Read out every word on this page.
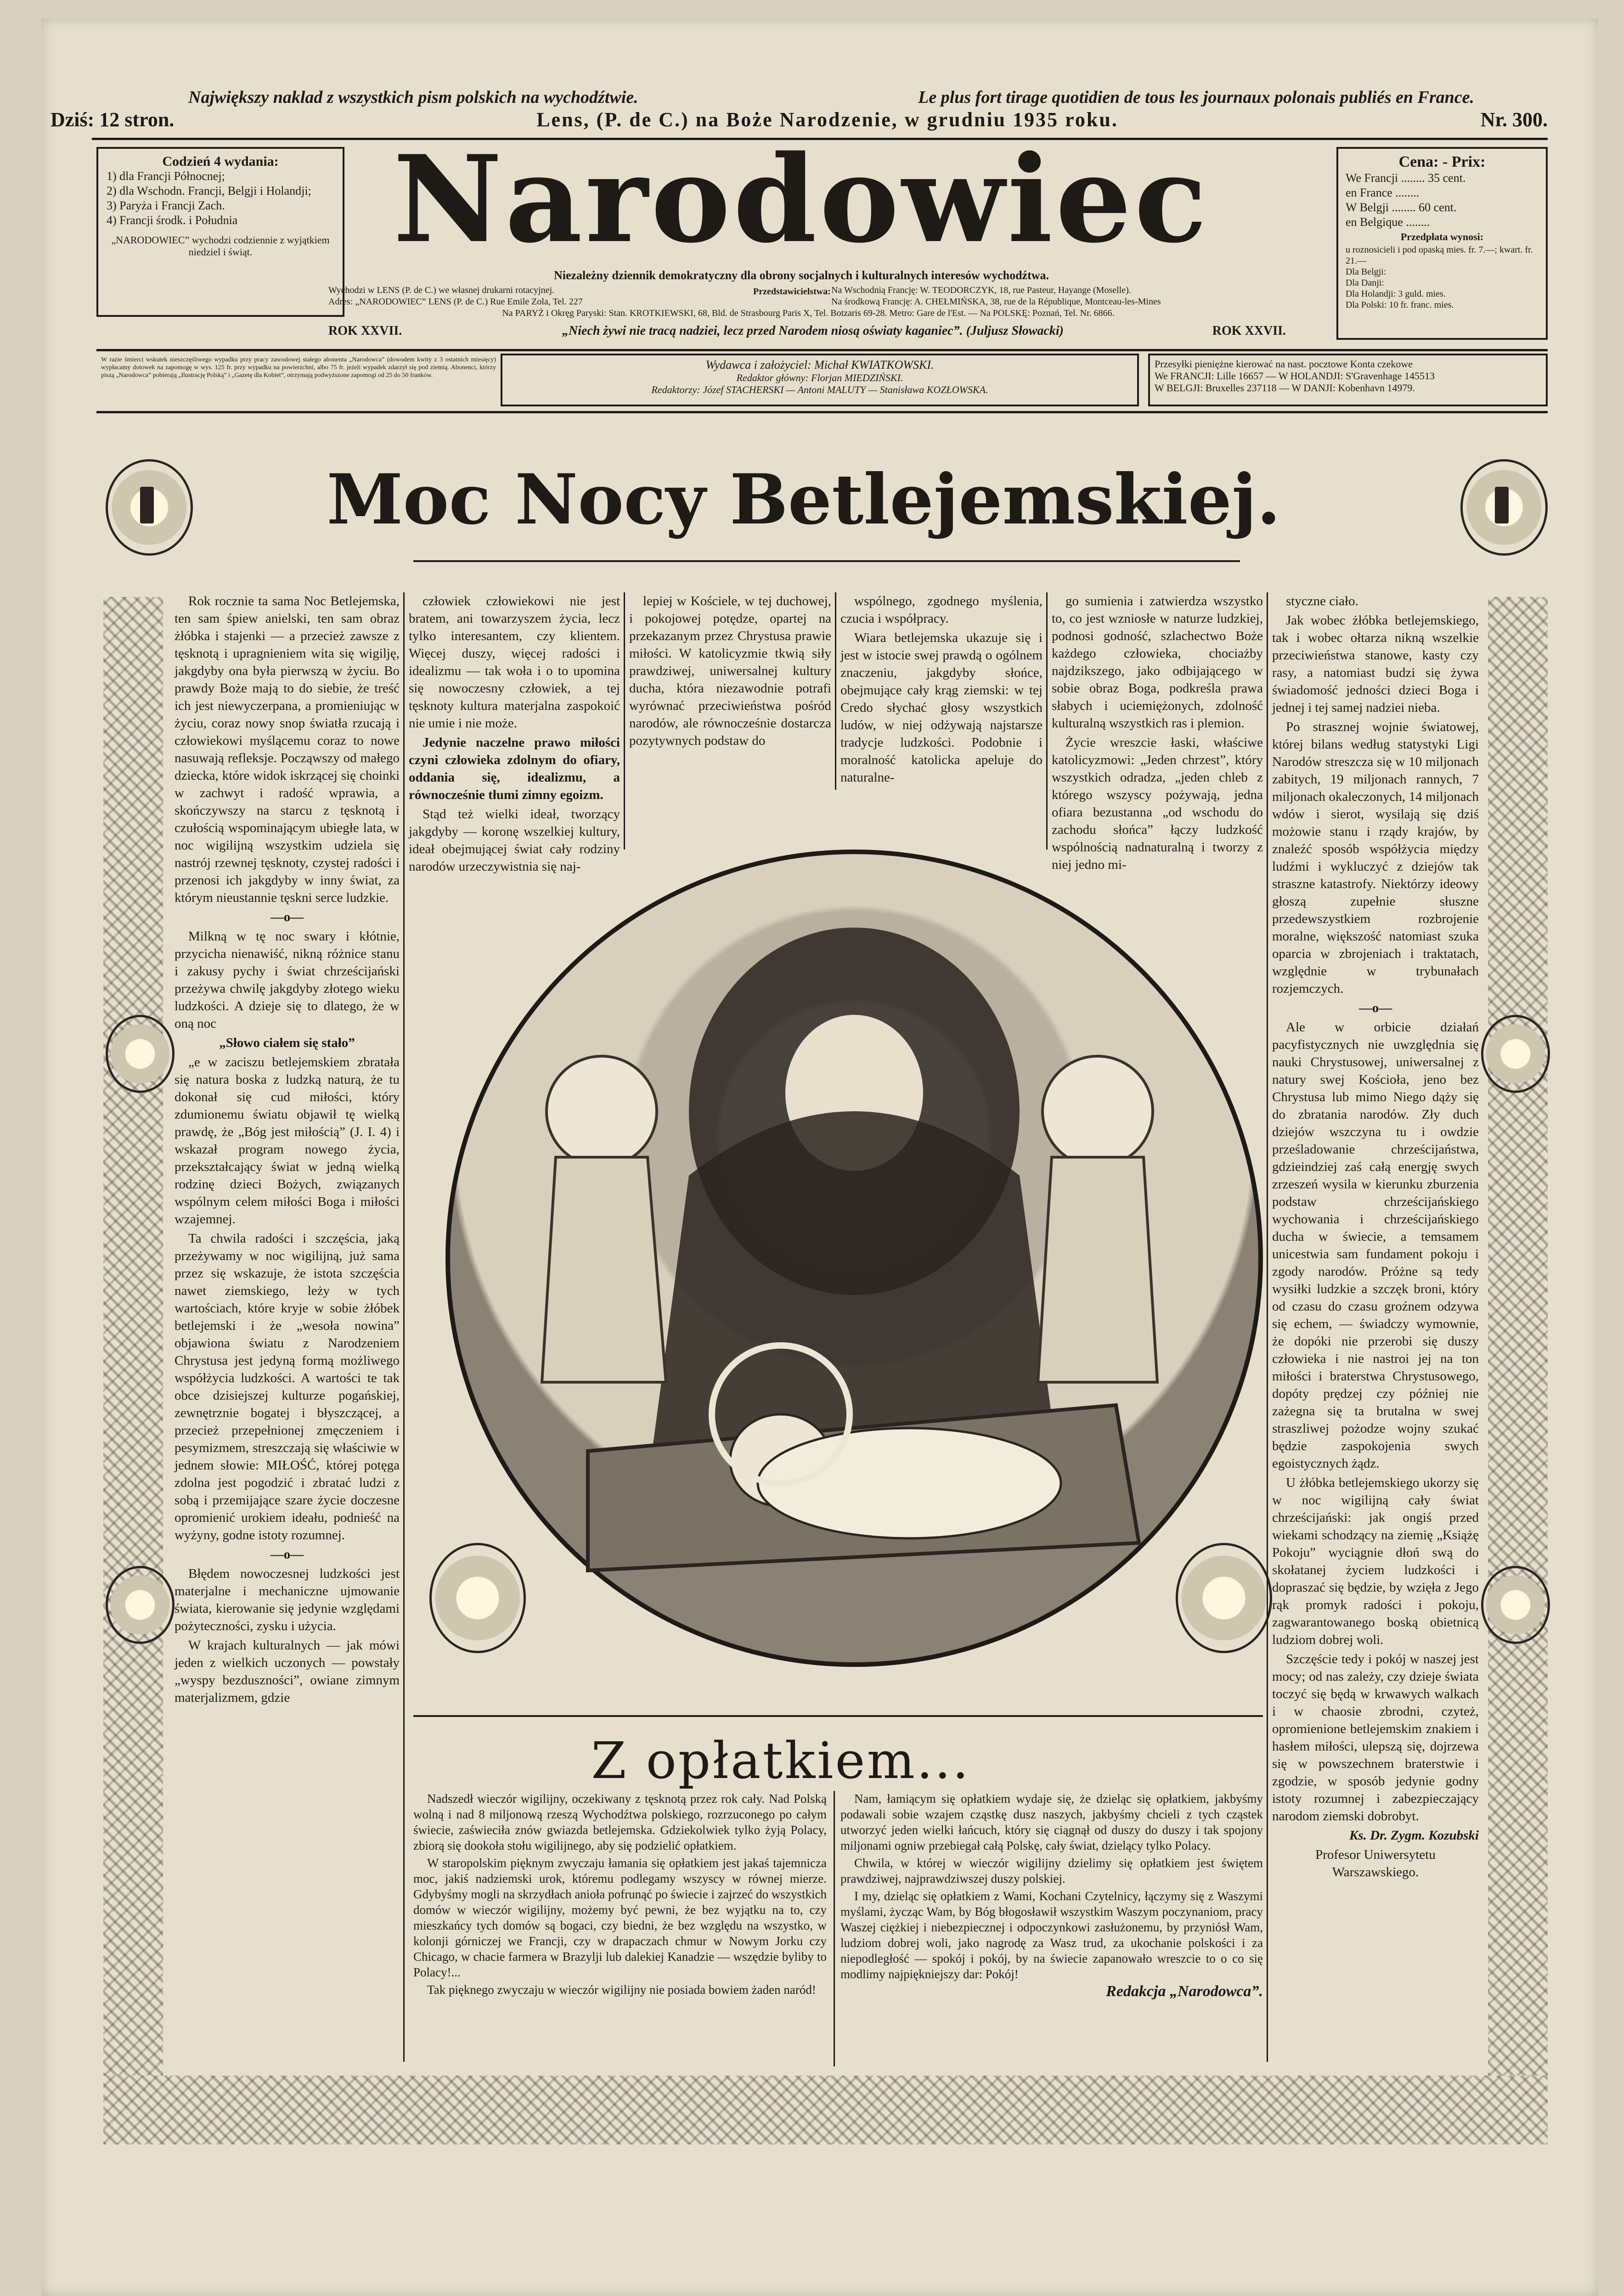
Największy naklad z wszystkich pism polskich na wychodźtwie.	Le plus fort tirage quotidien de tous les journaux polonais publiés en France.
Dziś: 12 stron.	Lens, (P. de C.) na Boże Narodzenie, w grudniu 1935 roku.	Nr. 300.
Codzień 4 wydania:
1) dla Francji Północnej;
2) dla Wschodn. Francji, Belgji i Holandji;
3) Paryża i Francji Zach.
4) Francji środk. i Południa
„NARODOWIEC” wychodzi codziennie z wyjątkiem niedziel i świąt.	Narodowiec
Niezależny dziennik demokratyczny dla obrony socjalnych i kulturalnych interesów wychodźtwa.
Wychodzi w LENS (P. de C.) we własnej drukarni rotacyjnej.
Adres: „NARODOWIEC” LENS (P. de C.) Rue Emile Zola, Tel. 227
Przedstawicielstwa: Na Wschodnią Francję: W. TEODORCZYK, 18, rue Pasteur, Hayange (Moselle).
Na środkową Francję: A. CHEŁMIŃSKA, 38, rue de la République, Montceau-les-Mines
Na PARYŻ i Okręg Paryski: Stan. KROTKIEWSKI, 68, Bld. de Strasbourg Paris X, Tel. Botzaris 69-28. Metro: Gare de l'Est. — Na POLSKĘ: Poznań, Tel. Nr. 6866.
ROK XXVII.	„Niech żywi nie tracą nadziei, lecz przed Narodem niosą oświaty kaganiec”. (Juljusz Słowacki)	ROK XXVII.
Cena: - Prix:
We Francji ........ 35 cent.
en France ........
W Belgji ........ 60 cent.
en Belgique ........
Przedpłata wynosi:
u roznosicieli i pod opaską mies. fr. 7.—; kwart. fr. 21.—
Dla Belgji:
Dla Danji:
Dla Holandji: 3 guld. mies.
Dla Polski: 10 fr. franc. mies.
W razie śmierci wskutek nieszczęśliwego wypadku przy pracy zawodowej stałego abonenta „Narodowca” (dowodem kwity z 3 ostatnich miesięcy) wypłacamy dotowek na zapomogę w wys. 125 fr. przy wypadku na powierzchni, albo 75 fr. jeżeli wypadek zdarzył się pod ziemią. Abonenci, którzy piszą „Narodowca” pobierają „Ilustrację Polską” i „Gazetę dla Kobiet”, otrzymają podwyższone zapomogi od 25 do 50 franków.
Wydawca i założyciel: Michał KWIATKOWSKI.
Redaktor główny: Florjan MIEDZIŃSKI.
Redaktorzy: Józef STACHERSKI — Antoni MALUTY — Stanisława KOZŁOWSKA.
Przesyłki pieniężne kierować na nast. pocztowe Konta czekowe
We FRANCJI: Lille 16657 — W HOLANDJI: S'Gravenhage 145513
W BELGJI: Bruxelles 237118 — W DANJI: Kobenhavn 14979.
Moc Nocy Betlejemskiej.

Rok rocznie ta sama Noc Betlejemska, ten sam śpiew anielski, ten sam obraz żłóbka i stajenki — a przecież zawsze z tęsknotą i upragnieniem wita się wigilję, jakgdyby ona była pierwszą w życiu. Bo prawdy Boże mają to do siebie, że treść ich jest niewyczerpana, a promieniując w życiu, coraz nowy snop światła rzucają i człowiekowi myślącemu coraz to nowe nasuwają refleksje. Począwszy od małego dziecka, które widok iskrzącej się choinki w zachwyt i radość wprawia, a skończywszy na starcu z tęsknotą i czułością wspominającym ubiegłe lata, w noc wigilijną wszystkim udziela się nastrój rzewnej tęsknoty, czystej radości i przenosi ich jakgdyby w inny świat, za którym nieustannie tęskni serce ludzkie.

—o—

Milkną w tę noc swary i kłótnie, przycicha nienawiść, nikną różnice stanu i zakusy pychy i świat chrześcijański przeżywa chwilę jakgdyby złotego wieku ludzkości. A dzieje się to dlatego, że w oną noc

„Słowo ciałem się stało”

„e w zaciszu betlejemskiem zbratała się natura boska z ludzką naturą, że tu dokonał się cud miłości, który zdumionemu światu objawił tę wielką prawdę, że „Bóg jest miłością” (J. I. 4) i wskazał program nowego życia, przekształcający świat w jedną wielką rodzinę dzieci Bożych, związanych wspólnym celem miłości Boga i miłości wzajemnej.

Ta chwila radości i szczęścia, jaką przeżywamy w noc wigilijną, już sama przez się wskazuje, że istota szczęścia nawet ziemskiego, leży w tych wartościach, które kryje w sobie żłóbek betlejemski i że „wesoła nowina” objawiona światu z Narodzeniem Chrystusa jest jedyną formą możliwego współżycia ludzkości. A wartości te tak obce dzisiejszej kulturze pogańskiej, zewnętrznie bogatej i błyszczącej, a przecież przepełnionej zmęczeniem i pesymizmem, streszczają się właściwie w jednem słowie: MIŁOŚĆ, której potęga zdolna jest pogodzić i zbratać ludzi z sobą i przemijające szare życie doczesne opromienić urokiem ideału, podnieść na wyżyny, godne istoty rozumnej.

—o—

Błędem nowoczesnej ludzkości jest materjalne i mechaniczne ujmowanie świata, kierowanie się jedynie względami pożyteczności, zysku i użycia.

W krajach kulturalnych — jak mówi jeden z wielkich uczonych — powstały „wyspy bezduszności”, owiane zimnym materjalizmem, gdzie

człowiek człowiekowi nie jest bratem, ani towarzyszem życia, lecz tylko interesantem, czy klientem. Więcej duszy, więcej radości i idealizmu — tak woła i o to upomina się nowoczesny człowiek, a tej tęsknoty kultura materjalna zaspokoić nie umie i nie może.

Jedynie naczelne prawo miłości czyni człowieka zdolnym do ofiary, oddania się, idealizmu, a równocześnie tłumi zimny egoizm.

Stąd też wielki ideał, tworzący jakgdyby — koronę wszelkiej kultury, ideał obejmującej świat cały rodziny narodów urzeczywistnia się naj-

lepiej w Kościele, w tej duchowej, i pokojowej potędze, opartej na przekazanym przez Chrystusa prawie miłości. W katolicyzmie tkwią siły prawdziwej, uniwersalnej kultury ducha, która niezawodnie potrafi wyrównać przeciwieństwa pośród narodów, ale równocześnie dostarcza pozytywnych podstaw do

wspólnego, zgodnego myślenia, czucia i współpracy.

Wiara betlejemska ukazuje się i jest w istocie swej prawdą o ogólnem znaczeniu, jakgdyby słońce, obejmujące cały krąg ziemski: w tej Credo słychać głosy wszystkich ludów, w niej odżywają najstarsze tradycje ludzkości. Podobnie i moralność katolicka apeluje do naturalne-

go sumienia i zatwierdza wszystko to, co jest wzniosłe w naturze ludzkiej, podnosi godność, szlachectwo Boże każdego człowieka, chociażby najdzikszego, jako odbijającego w sobie obraz Boga, podkreśla prawa słabych i uciemiężonych, zdolność kulturalną wszystkich ras i plemion.

Życie wreszcie łaski, właściwe katolicyzmowi: „Jeden chrzest”, który wszystkich odradza, „jeden chleb z którego wszyscy pożywają, jedna ofiara bezustanna „od wschodu do zachodu słońca” łączy ludzkość wspólnością nadnaturalną i tworzy z niej jedno mi-

styczne ciało.

Jak wobec żłóbka betlejemskiego, tak i wobec ołtarza nikną wszelkie przeciwieństwa stanowe, kasty czy rasy, a natomiast budzi się żywa świadomość jedności dzieci Boga i jednej i tej samej nadziei nieba.

Po strasznej wojnie światowej, której bilans według statystyki Ligi Narodów streszcza się w 10 miljonach zabitych, 19 miljonach rannych, 7 miljonach okaleczonych, 14 miljonach wdów i sierot, wysilają się dziś możowie stanu i rządy krajów, by znaleźć sposób współżycia między ludźmi i wykluczyć z dziejów tak straszne katastrofy. Niektórzy ideowy głoszą zupełnie słuszne przedewszystkiem rozbrojenie moralne, większość natomiast szuka oparcia w zbrojeniach i traktatach, względnie w trybunałach rozjemczych.

—o—

Ale w orbicie działań pacyfistycznych nie uwzględnia się nauki Chrystusowej, uniwersalnej z natury swej Kościoła, jeno bez Chrystusa lub mimo Niego dąży się do zbratania narodów. Zły duch dziejów wszczyna tu i owdzie prześladowanie chrześcijaństwa, gdzieindziej zaś całą energję swych zrzeszeń wysila w kierunku zburzenia podstaw chrześcijańskiego wychowania i chrześcijańskiego ducha w świecie, a temsamem unicestwia sam fundament pokoju i zgody narodów. Próżne są tedy wysiłki ludzkie a szczęk broni, który od czasu do czasu groźnem odzywa się echem, — świadczy wymownie, że dopóki nie przerobi się duszy człowieka i nie nastroi jej na ton miłości i braterstwa Chrystusowego, dopóty prędzej czy później nie zażegna się ta brutalna w swej straszliwej pożodze wojny szukać będzie zaspokojenia swych egoistycznych żądz.

U żłóbka betlejemskiego ukorzy się w noc wigilijną cały świat chrześcijański: jak ongiś przed wiekami schodzący na ziemię „Książę Pokoju” wyciągnie dłoń swą do skołatanej życiem ludzkości i dopraszać się będzie, by wzięła z Jego rąk promyk radości i pokoju, zagwarantowanego boską obietnicą ludziom dobrej woli.

Szczęście tedy i pokój w naszej jest mocy; od nas zależy, czy dzieje świata toczyć się będą w krwawych walkach i w chaosie zbrodni, czyteż, opromienione betlejemskim znakiem i hasłem miłości, ulepszą się, dojrzewa się w powszechnem braterstwie i zgodzie, w sposób jedynie godny istoty rozumnej i zabezpieczający narodom ziemski dobrobyt.

Ks. Dr. Zygm. Kozubski

Profesor Uniwersytetu Warszawskiego.

Z opłatkiem...

Nadszedł wieczór wigilijny, oczekiwany z tęsknotą przez rok cały. Nad Polską wolną i nad 8 miljonową rzeszą Wychodźtwa polskiego, rozrzuconego po całym świecie, zaświeciła znów gwiazda betlejemska. Gdziekolwiek tylko żyją Polacy, zbiorą się dookoła stołu wigilijnego, aby się podzielić opłatkiem.

W staropolskim pięknym zwyczaju łamania się opłatkiem jest jakaś tajemnicza moc, jakiś nadziemski urok, któremu podlegamy wszyscy w równej mierze. Gdybyśmy mogli na skrzydłach anioła pofrunąć po świecie i zajrzeć do wszystkich domów w wieczór wigilijny, możemy być pewni, że bez wyjątku na to, czy mieszkańcy tych domów są bogaci, czy biedni, że bez względu na wszystko, w kolonji górniczej we Francji, czy w drapaczach chmur w Nowym Jorku czy Chicago, w chacie farmera w Brazylji lub dalekiej Kanadzie — wszędzie byliby to Polacy!...

Tak pięknego zwyczaju w wieczór wigilijny nie posiada bowiem żaden naród!

Nam, łamiącym się opłatkiem wydaje się, że dzieląc się opłatkiem, jakbyśmy podawali sobie wzajem cząstkę dusz naszych, jakbyśmy chcieli z tych cząstek utworzyć jeden wielki łańcuch, który się ciągnął od duszy do duszy i tak spojony miljonami ogniw przebiegał całą Polskę, cały świat, dzielący tylko Polacy.

Chwila, w której w wieczór wigilijny dzielimy się opłatkiem jest świętem prawdziwej, najprawdziwszej duszy polskiej.

I my, dzieląc się opłatkiem z Wami, Kochani Czytelnicy, łączymy się z Waszymi myślami, życząc Wam, by Bóg błogosławił wszystkim Waszym poczynaniom, pracy Waszej ciężkiej i niebezpiecznej i odpoczynkowi zasłużonemu, by przyniósł Wam, ludziom dobrej woli, jako nagrodę za Wasz trud, za ukochanie polskości i za niepodległość — spokój i pokój, by na świecie zapanowało wreszcie to o co się modlimy najpiękniejszy dar: Pokój!

Redakcja „Narodowca”.
